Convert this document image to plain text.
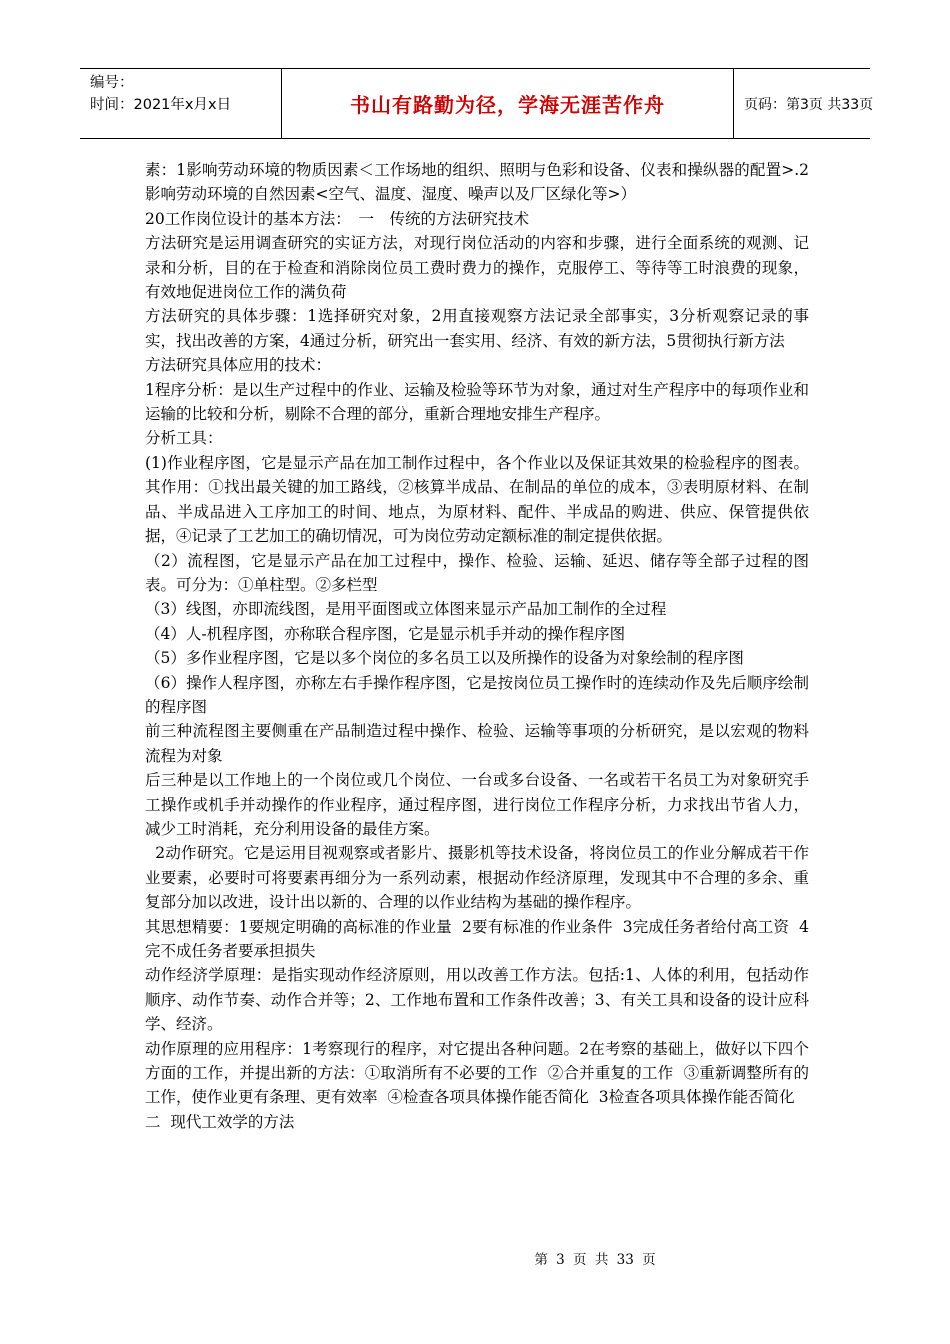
编号：
时间：2021年x月x日	书山有路勤为径，学海无涯苦作舟	页码：第3页 共33页

素：1影响劳动环境的物质因素＜工作场地的组织、照明与色彩和设备、仪表和操纵器的配置>.2影响劳动环境的自然因素<空气、温度、湿度、噪声以及厂区绿化等>）

20工作岗位设计的基本方法：　一　传统的方法研究技术

方法研究是运用调查研究的实证方法，对现行岗位活动的内容和步骤，进行全面系统的观测、记录和分析，目的在于检查和消除岗位员工费时费力的操作，克服停工、等待等工时浪费的现象，有效地促进岗位工作的满负荷

方法研究的具体步骤：1选择研究对象，2用直接观察方法记录全部事实，3分析观察记录的事实，找出改善的方案，4通过分析，研究出一套实用、经济、有效的新方法，5贯彻执行新方法

方法研究具体应用的技术：

1程序分析：是以生产过程中的作业、运输及检验等环节为对象，通过对生产程序中的每项作业和运输的比较和分析，剔除不合理的部分，重新合理地安排生产程序。

分析工具：

(1)作业程序图，它是显示产品在加工制作过程中，各个作业以及保证其效果的检验程序的图表。其作用：①找出最关键的加工路线，②核算半成品、在制品的单位的成本，③表明原材料、在制品、半成品进入工序加工的时间、地点，为原材料、配件、半成品的购进、供应、保管提供依据，④记录了工艺加工的确切情况，可为岗位劳动定额标准的制定提供依据。

（2）流程图，它是显示产品在加工过程中，操作、检验、运输、延迟、储存等全部子过程的图表。可分为：①单柱型。②多栏型

（3）线图，亦即流线图，是用平面图或立体图来显示产品加工制作的全过程

（4）人-机程序图，亦称联合程序图，它是显示机手并动的操作程序图

（5）多作业程序图，它是以多个岗位的多名员工以及所操作的设备为对象绘制的程序图

（6）操作人程序图，亦称左右手操作程序图，它是按岗位员工操作时的连续动作及先后顺序绘制的程序图

前三种流程图主要侧重在产品制造过程中操作、检验、运输等事项的分析研究，是以宏观的物料流程为对象

后三种是以工作地上的一个岗位或几个岗位、一台或多台设备、一名或若干名员工为对象研究手工操作或机手并动操作的作业程序，通过程序图，进行岗位工作程序分析，力求找出节省人力，减少工时消耗，充分利用设备的最佳方案。

2动作研究。它是运用目视观察或者影片、摄影机等技术设备，将岗位员工的作业分解成若干作业要素，必要时可将要素再细分为一系列动素，根据动作经济原理，发现其中不合理的多余、重复部分加以改进，设计出以新的、合理的以作业结构为基础的操作程序。

其思想精要：1要规定明确的高标准的作业量  2要有标准的作业条件  3完成任务者给付高工资  4完不成任务者要承担损失

动作经济学原理：是指实现动作经济原则，用以改善工作方法。包括:1、人体的利用，包括动作顺序、动作节奏、动作合并等；2、工作地布置和工作条件改善；3、有关工具和设备的设计应科学、经济。

动作原理的应用程序：1考察现行的程序，对它提出各种问题。2在考察的基础上，做好以下四个方面的工作，并提出新的方法：①取消所有不必要的工作  ②合并重复的工作  ③重新调整所有的工作，使作业更有条理、更有效率  ④检查各项具体操作能否简化  3检查各项具体操作能否简化

二  现代工效学的方法

第 3 页 共 33 页
